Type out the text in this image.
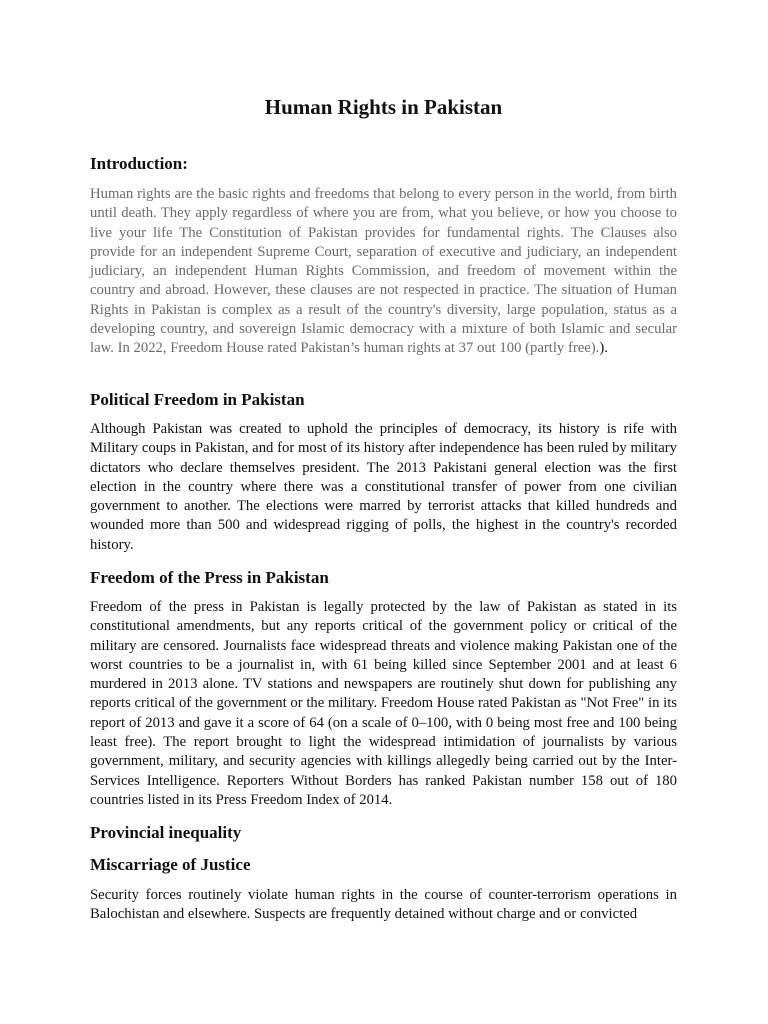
Human Rights in Pakistan
Introduction:

Human rights are the basic rights and freedoms that belong to every person in the world, from birth until death. They apply regardless of where you are from, what you believe, or how you choose to live your life The Constitution of Pakistan provides for fundamental rights. The Clauses also provide for an independent Supreme Court, separation of executive and judiciary, an independent judiciary, an independent Human Rights Commission, and freedom of movement within the country and abroad. However, these clauses are not respected in practice. The situation of Human Rights in Pakistan is complex as a result of the country's diversity, large population, status as a developing country, and sovereign Islamic democracy with a mixture of both Islamic and secular law. In 2022, Freedom House rated Pakistan’s human rights at 37 out 100 (partly free).).

Political Freedom in Pakistan

Although Pakistan was created to uphold the principles of democracy, its history is rife with Military coups in Pakistan, and for most of its history after independence has been ruled by military dictators who declare themselves president. The 2013 Pakistani general election was the first election in the country where there was a constitutional transfer of power from one civilian government to another. The elections were marred by terrorist attacks that killed hundreds and wounded more than 500 and widespread rigging of polls, the highest in the country's recorded history.

Freedom of the Press in Pakistan

Freedom of the press in Pakistan is legally protected by the law of Pakistan as stated in its constitutional amendments, but any reports critical of the government policy or critical of the military are censored. Journalists face widespread threats and violence making Pakistan one of the worst countries to be a journalist in, with 61 being killed since September 2001 and at least 6 murdered in 2013 alone. TV stations and newspapers are routinely shut down for publishing any reports critical of the government or the military. Freedom House rated Pakistan as "Not Free" in its report of 2013 and gave it a score of 64 (on a scale of 0–100, with 0 being most free and 100 being least free). The report brought to light the widespread intimidation of journalists by various government, military, and security agencies with killings allegedly being carried out by the Inter-Services Intelligence. Reporters Without Borders has ranked Pakistan number 158 out of 180 countries listed in its Press Freedom Index of 2014.

Provincial inequality
Miscarriage of Justice

Security forces routinely violate human rights in the course of counter-terrorism operations in Balochistan and elsewhere. Suspects are frequently detained without charge and or convicted
